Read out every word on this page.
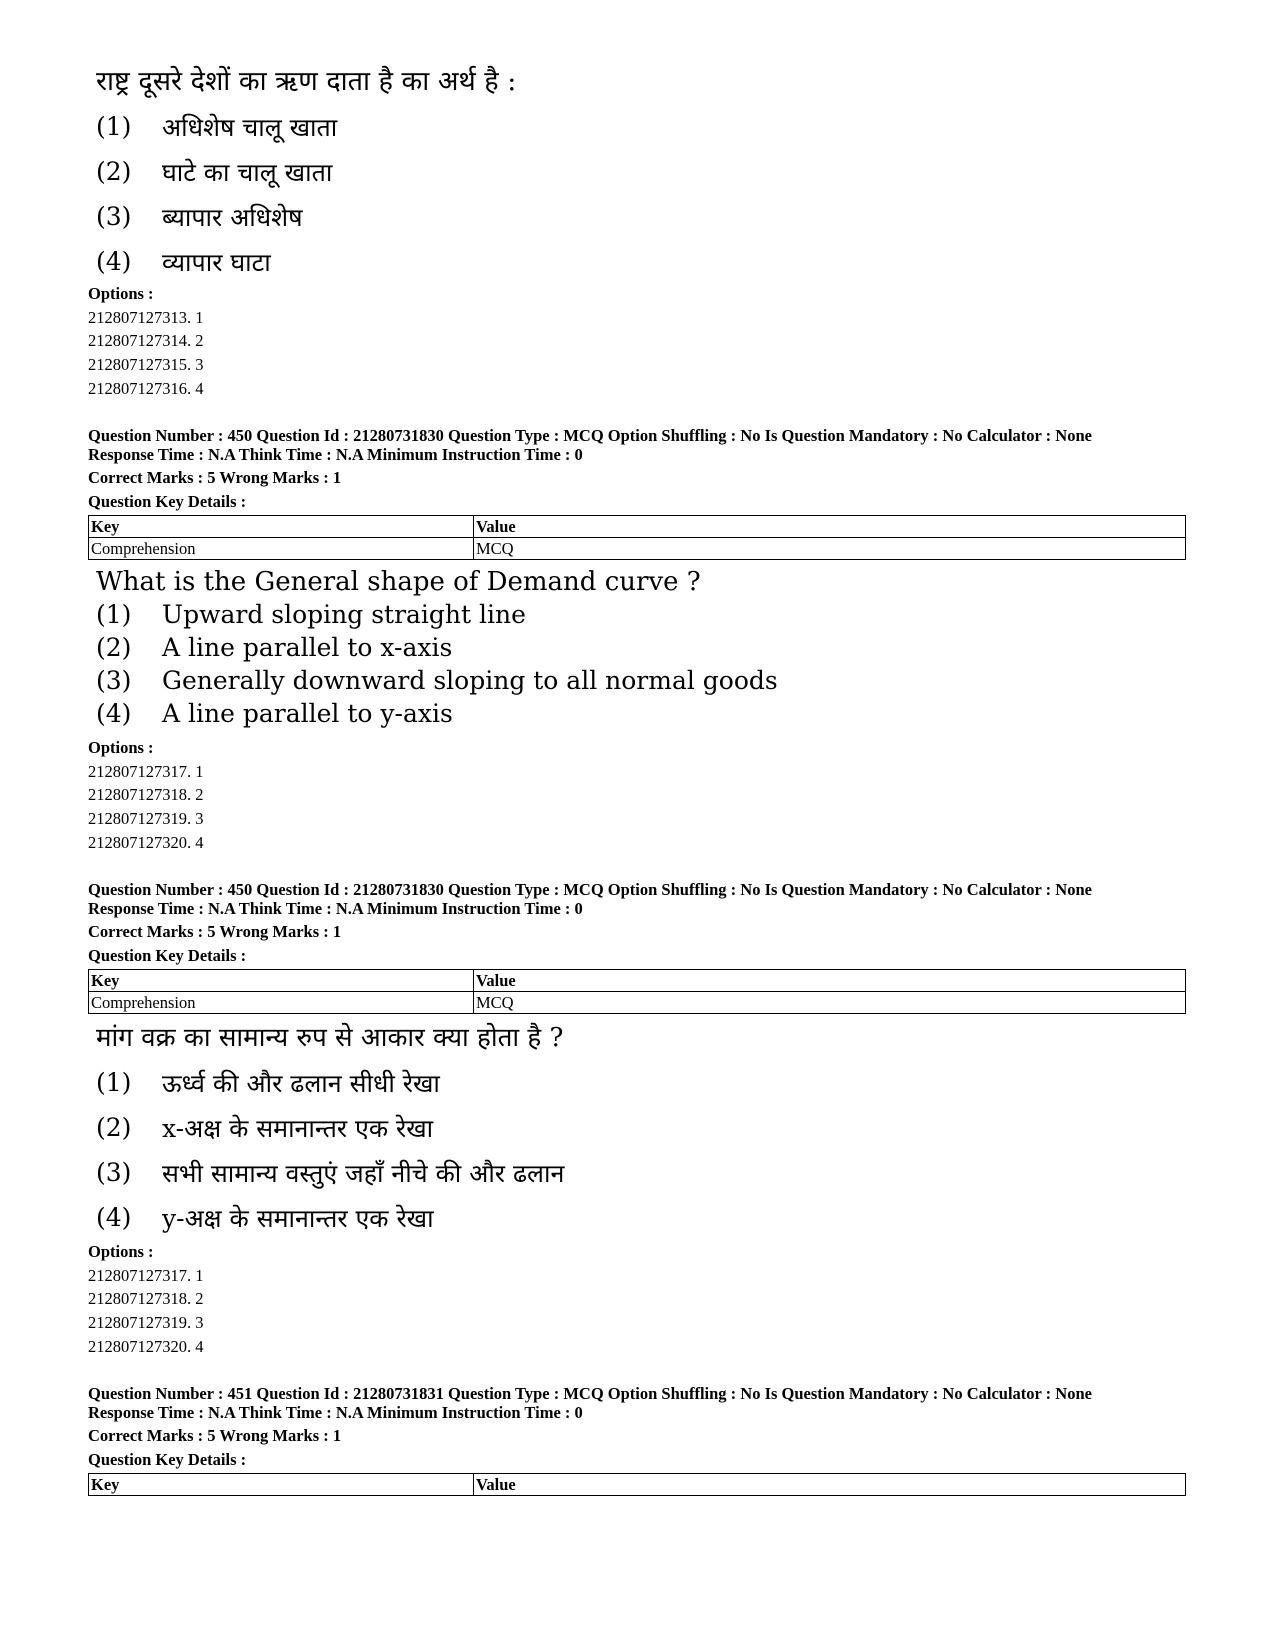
राष्ट्र दूसरे देशों का ऋण दाता है का अर्थ है :
(1)	अधिशेष चालू खाता
(2)	घाटे का चालू खाता
(3)	ब्यापार अधिशेष
(4)	व्यापार घाटा
Options :
212807127313. 1
212807127314. 2
212807127315. 3
212807127316. 4
Question Number : 450 Question Id : 21280731830 Question Type : MCQ Option Shuffling : No Is Question Mandatory : No Calculator : None
Response Time : N.A Think Time : N.A Minimum Instruction Time : 0
Correct Marks : 5 Wrong Marks : 1
Question Key Details :
Key	Value
Comprehension	MCQ
What is the General shape of Demand curve ?
(1)	Upward sloping straight line
(2)	A line parallel to x-axis
(3)	Generally downward sloping to all normal goods
(4)	A line parallel to y-axis
Options :
212807127317. 1
212807127318. 2
212807127319. 3
212807127320. 4
Question Number : 450 Question Id : 21280731830 Question Type : MCQ Option Shuffling : No Is Question Mandatory : No Calculator : None
Response Time : N.A Think Time : N.A Minimum Instruction Time : 0
Correct Marks : 5 Wrong Marks : 1
Question Key Details :
Key	Value
Comprehension	MCQ
मांग वक्र का सामान्य रुप से आकार क्या होता है ?
(1)	ऊर्ध्व की और ढलान सीधी रेखा
(2)	x-अक्ष के समानान्तर एक रेखा
(3)	सभी सामान्य वस्तुएं जहाँ नीचे की और ढलान
(4)	y-अक्ष के समानान्तर एक रेखा
Options :
212807127317. 1
212807127318. 2
212807127319. 3
212807127320. 4
Question Number : 451 Question Id : 21280731831 Question Type : MCQ Option Shuffling : No Is Question Mandatory : No Calculator : None
Response Time : N.A Think Time : N.A Minimum Instruction Time : 0
Correct Marks : 5 Wrong Marks : 1
Question Key Details :
Key	Value
